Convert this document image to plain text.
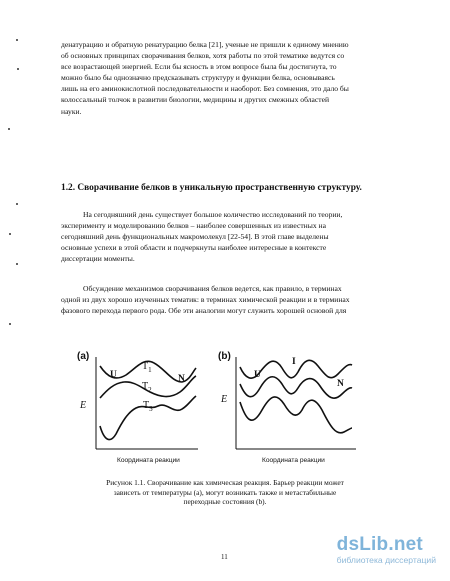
денатурацию и обратную ренатурацию белка [21], ученые не пришли к единому мнению
об основных принципах сворачивания белков, хотя работы по этой тематике ведутся со
все возрастающей энергией. Если бы ясность в этом вопросе была бы достигнута, то
можно было бы однозначно предсказывать структуру и функции белка, основываясь
лишь на его аминокислотной последовательности и наоборот. Без сомнения, это дало бы
колоссальный толчок в развитии биологии, медицины и других смежных областей
науки.
1.2. Сворачивание белков в уникальную пространственную структуру.
На сегодняшний день существует большое количество исследований по теории,
эксперименту и моделированию белков – наиболее совершенных из известных на
сегодняшний день функциональных макромолекул [22-54]. В этой главе выделены
основные успехи в этой области и подчеркнуты наиболее интересные в контексте
диссертации моменты.
Обсуждение механизмов сворачивания белков ведется, как правило, в терминах
одной из двух хорошо изученных тематик: в терминах химической реакции и в терминах
фазового перехода первого рода. Обе эти аналогии могут служить хорошей основой для
(a)
U
$T_1$
$T_2$
$T_3$
N
E
Координата реакции
(b)
U
I
N
E
Координата реакции
Рисунок 1.1. Сворачивание как химическая реакция. Барьер реакции может
зависеть от температуры (a), могут возникать также и метастабильные
переходные состояния (b).
11
dsLib.net
библиотека диссертаций
